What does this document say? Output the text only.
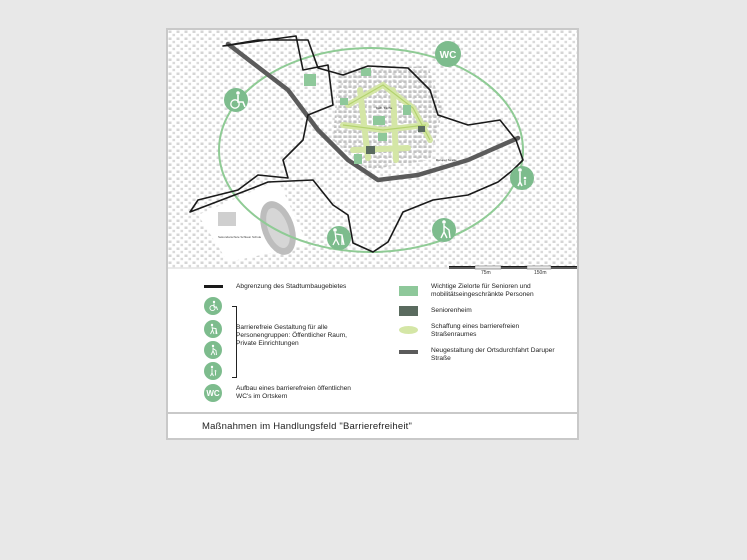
Sekundarschule Schlaun Schule
Daruper Straße
Kath. Kirche
WC
75m	150m
Abgrenzung des Stadtumbaugebietes
Barrierefreie Gestaltung für alle Personengruppen: Öffentlicher Raum, Private Einrichtungen
WC Aufbau eines barrierefreien öffentlichen WC's im Ortskern
Wichtige Zielorte für Senioren und mobilitätseingeschränkte Personen
Seniorenheim
Schaffung eines barrierefreien Straßenraumes
Neugestaltung der Ortsdurchfahrt Daruper Straße
Maßnahmen im Handlungsfeld "Barrierefreiheit"
